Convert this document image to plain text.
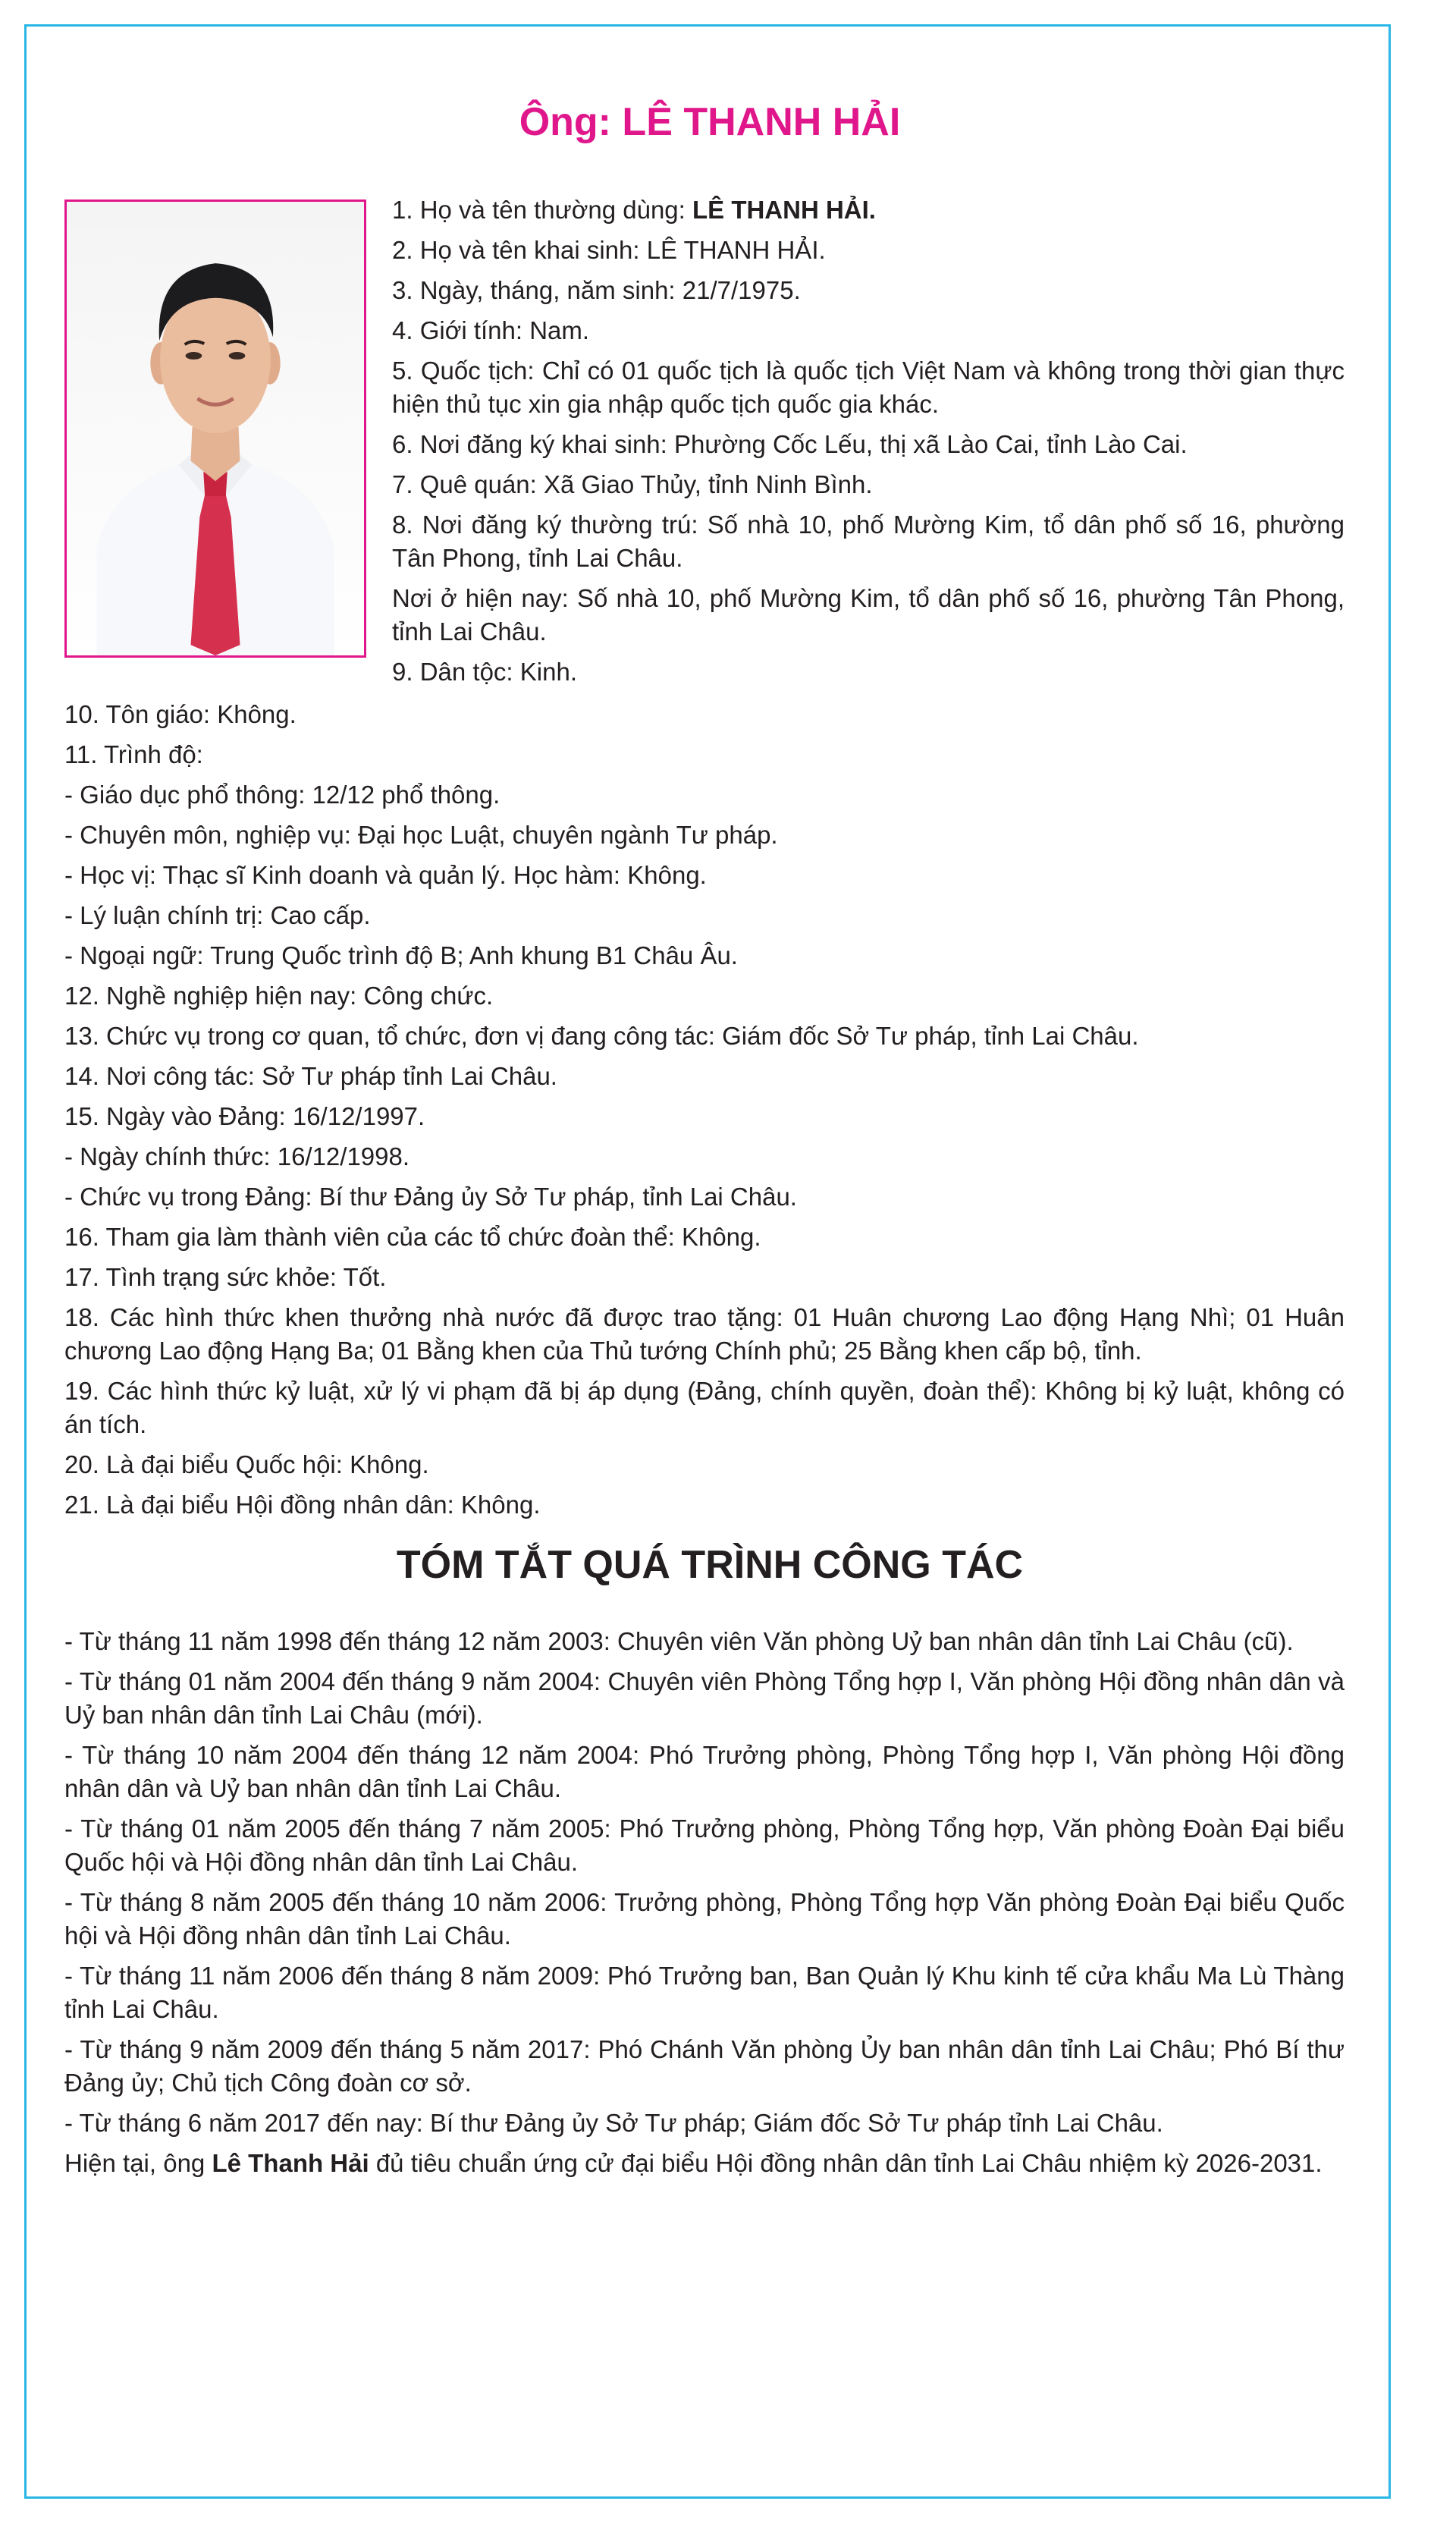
Ông: LÊ THANH HẢI

1. Họ và tên thường dùng: LÊ THANH HẢI.

2. Họ và tên khai sinh: LÊ THANH HẢI.

3. Ngày, tháng, năm sinh: 21/7/1975.

4. Giới tính: Nam.

5. Quốc tịch: Chỉ có 01 quốc tịch là quốc tịch Việt Nam và không trong thời gian thực hiện thủ tục xin gia nhập quốc tịch quốc gia khác.

6. Nơi đăng ký khai sinh: Phường Cốc Lếu, thị xã Lào Cai, tỉnh Lào Cai.

7. Quê quán: Xã Giao Thủy, tỉnh Ninh Bình.

8. Nơi đăng ký thường trú: Số nhà 10, phố Mường Kim, tổ dân phố số 16, phường Tân Phong, tỉnh Lai Châu.

Nơi ở hiện nay: Số nhà 10, phố Mường Kim, tổ dân phố số 16, phường Tân Phong, tỉnh Lai Châu.

9. Dân tộc: Kinh.

10. Tôn giáo: Không.

11. Trình độ:

- Giáo dục phổ thông: 12/12 phổ thông.

- Chuyên môn, nghiệp vụ: Đại học Luật, chuyên ngành Tư pháp.

- Học vị: Thạc sĩ Kinh doanh và quản lý. Học hàm: Không.

- Lý luận chính trị: Cao cấp.

- Ngoại ngữ: Trung Quốc trình độ B; Anh khung B1 Châu Âu.

12. Nghề nghiệp hiện nay: Công chức.

13. Chức vụ trong cơ quan, tổ chức, đơn vị đang công tác: Giám đốc Sở Tư pháp, tỉnh Lai Châu.

14. Nơi công tác: Sở Tư pháp tỉnh Lai Châu.

15. Ngày vào Đảng: 16/12/1997.

- Ngày chính thức: 16/12/1998.

- Chức vụ trong Đảng: Bí thư Đảng ủy Sở Tư pháp, tỉnh Lai Châu.

16. Tham gia làm thành viên của các tổ chức đoàn thể: Không.

17. Tình trạng sức khỏe: Tốt.

18. Các hình thức khen thưởng nhà nước đã được trao tặng: 01 Huân chương Lao động Hạng Nhì; 01 Huân chương Lao động Hạng Ba; 01 Bằng khen của Thủ tướng Chính phủ; 25 Bằng khen cấp bộ, tỉnh.

19. Các hình thức kỷ luật, xử lý vi phạm đã bị áp dụng (Đảng, chính quyền, đoàn thể): Không bị kỷ luật, không có án tích.

20. Là đại biểu Quốc hội: Không.

21. Là đại biểu Hội đồng nhân dân: Không.

TÓM TẮT QUÁ TRÌNH CÔNG TÁC

- Từ tháng 11 năm 1998 đến tháng 12 năm 2003: Chuyên viên Văn phòng Uỷ ban nhân dân tỉnh Lai Châu (cũ).

- Từ tháng 01 năm 2004 đến tháng 9 năm 2004: Chuyên viên Phòng Tổng hợp I, Văn phòng Hội đồng nhân dân và Uỷ ban nhân dân tỉnh Lai Châu (mới).

- Từ tháng 10 năm 2004 đến tháng 12 năm 2004: Phó Trưởng phòng, Phòng Tổng hợp I, Văn phòng Hội đồng nhân dân và Uỷ ban nhân dân tỉnh Lai Châu.

- Từ tháng 01 năm 2005 đến tháng 7 năm 2005: Phó Trưởng phòng, Phòng Tổng hợp, Văn phòng Đoàn Đại biểu Quốc hội và Hội đồng nhân dân tỉnh Lai Châu.

- Từ tháng 8 năm 2005 đến tháng 10 năm 2006: Trưởng phòng, Phòng Tổng hợp Văn phòng Đoàn Đại biểu Quốc hội và Hội đồng nhân dân tỉnh Lai Châu.

- Từ tháng 11 năm 2006 đến tháng 8 năm 2009: Phó Trưởng ban, Ban Quản lý Khu kinh tế cửa khẩu Ma Lù Thàng tỉnh Lai Châu.

- Từ tháng 9 năm 2009 đến tháng 5 năm 2017: Phó Chánh Văn phòng Ủy ban nhân dân tỉnh Lai Châu; Phó Bí thư Đảng ủy; Chủ tịch Công đoàn cơ sở.

- Từ tháng 6 năm 2017 đến nay: Bí thư Đảng ủy Sở Tư pháp; Giám đốc Sở Tư pháp tỉnh Lai Châu.

Hiện tại, ông Lê Thanh Hải đủ tiêu chuẩn ứng cử đại biểu Hội đồng nhân dân tỉnh Lai Châu nhiệm kỳ 2026-2031.
